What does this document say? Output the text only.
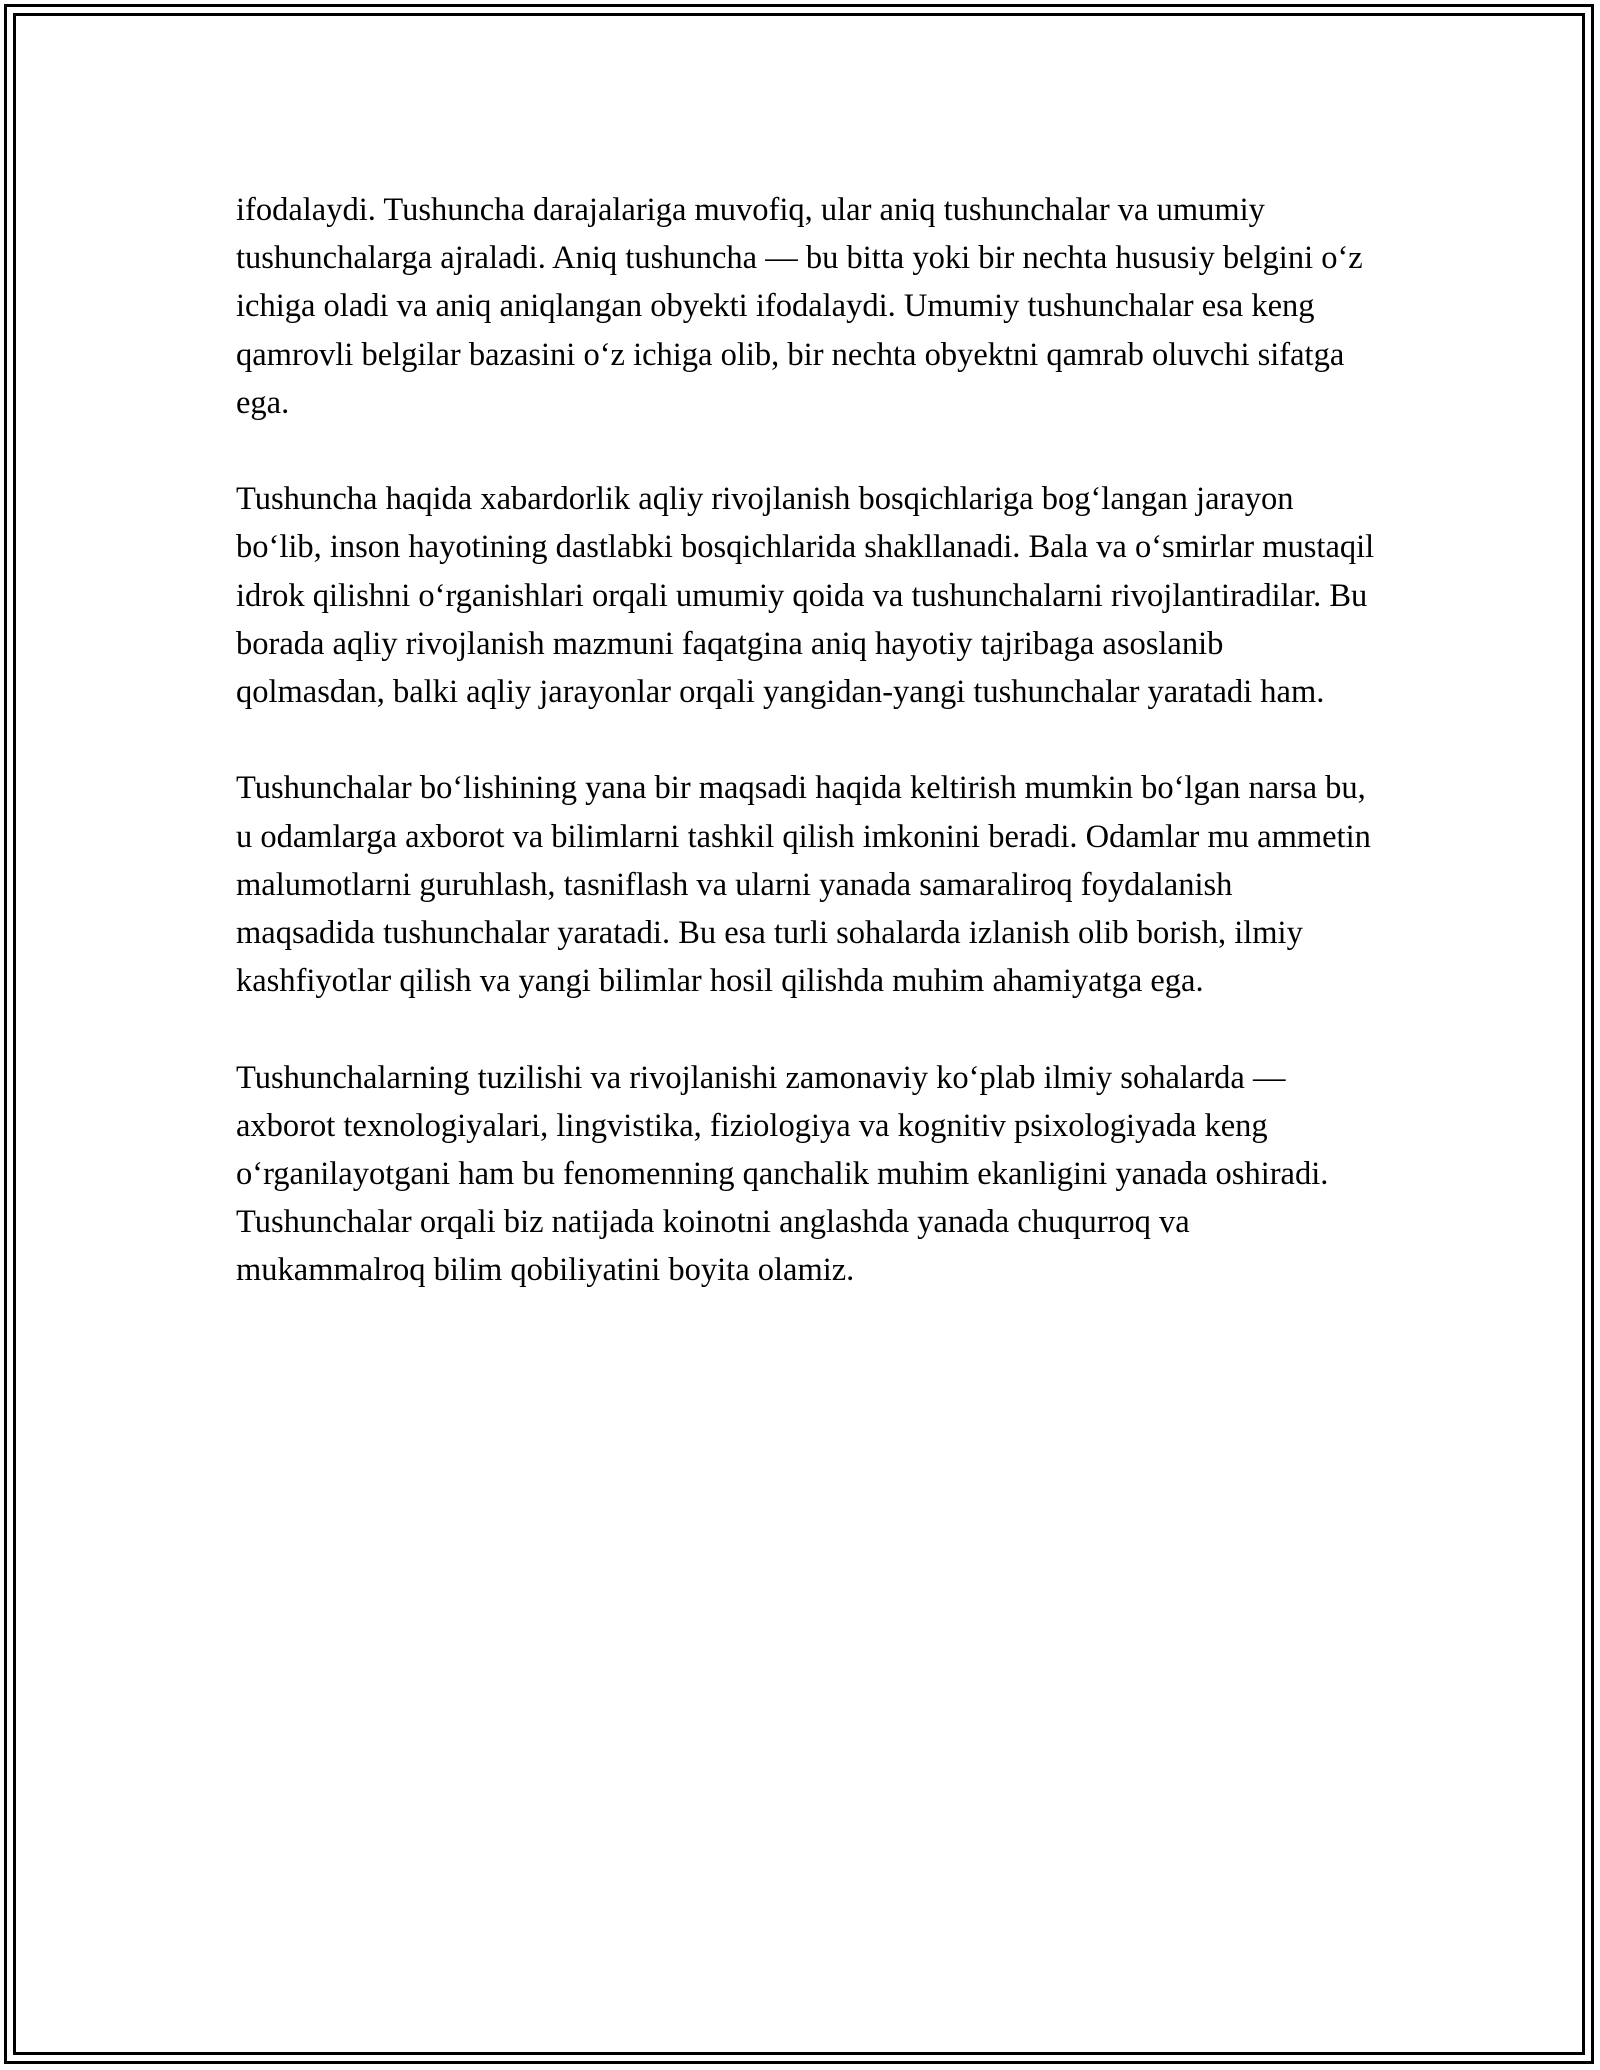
ifodalaydi. Tushuncha darajalariga muvofiq, ular aniq tushunchalar va umumiy tushunchalarga ajraladi. Aniq tushuncha — bu bitta yoki bir nechta hususiy belgini o‘z ichiga oladi va aniq aniqlangan obyekti ifodalaydi. Umumiy tushunchalar esa keng qamrovli belgilar bazasini o‘z ichiga olib, bir nechta obyektni qamrab oluvchi sifatga ega.

Tushuncha haqida xabardorlik aqliy rivojlanish bosqichlariga bog‘langan jarayon bo‘lib, inson hayotining dastlabki bosqichlarida shakllanadi. Bala va o‘smirlar mustaqil idrok qilishni o‘rganishlari orqali umumiy qoida va tushunchalarni rivojlantiradilar. Bu borada aqliy rivojlanish mazmuni faqatgina aniq hayotiy tajribaga asoslanib qolmasdan, balki aqliy jarayonlar orqali yangidan-yangi tushunchalar yaratadi ham.

Tushunchalar bo‘lishining yana bir maqsadi haqida keltirish mumkin bo‘lgan narsa bu, u odamlarga axborot va bilimlarni tashkil qilish imkonini beradi. Odamlar mu ammetin malumotlarni guruhlash, tasniflash va ularni yanada samaraliroq foydalanish maqsadida tushunchalar yaratadi. Bu esa turli sohalarda izlanish olib borish, ilmiy kashfiyotlar qilish va yangi bilimlar hosil qilishda muhim ahamiyatga ega.

Tushunchalarning tuzilishi va rivojlanishi zamonaviy ko‘plab ilmiy sohalarda — axborot texnologiyalari, lingvistika, fiziologiya va kognitiv psixologiyada keng o‘rganilayotgani ham bu fenomenning qanchalik muhim ekanligini yanada oshiradi. Tushunchalar orqali biz natijada koinotni anglashda yanada chuqurroq va mukammalroq bilim qobiliyatini boyita olamiz.
